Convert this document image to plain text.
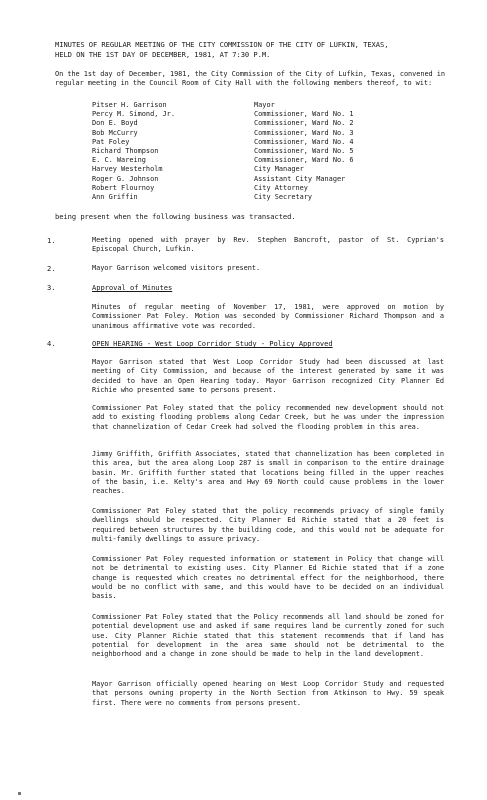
MINUTES OF REGULAR MEETING OF THE CITY COMMISSION OF THE CITY OF LUFKIN, TEXAS,

HELD ON THE 1ST DAY OF DECEMBER, 1981, AT 7:30 P.M.

On the 1st day of December, 1981, the City Commission of the City of Lufkin, Texas, convened in regular meeting in the Council Room of City Hall with the following members thereof, to wit:

Pitser H. Garrison	Mayor
Percy M. Simond, Jr.	Commissioner, Ward No. 1
Don E. Boyd	Commissioner, Ward No. 2
Bob McCurry	Commissioner, Ward No. 3
Pat Foley	Commissioner, Ward No. 4
Richard Thompson	Commissioner, Ward No. 5
E. C. Wareing	Commissioner, Ward No. 6
Harvey Westerholm	City Manager
Roger G. Johnson	Assistant City Manager
Robert Flournoy	City Attorney
Ann Griffin	City Secretary

being present when the following business was transacted.

1.	Meeting opened with prayer by Rev. Stephen Bancroft, pastor of St. Cyprian's Episcopal Church, Lufkin.

2.	Mayor Garrison welcomed visitors present.

3.	Approval of Minutes

Minutes of regular meeting of November 17, 1981, were approved on motion by Commissioner Pat Foley. Motion was seconded by Commissioner Richard Thompson and a unanimous affirmative vote was recorded.

4.	OPEN HEARING - West Loop Corridor Study - Policy Approved

Mayor Garrison stated that West Loop Corridor Study had been discussed at last meeting of City Commission, and because of the interest generated by same it was decided to have an Open Hearing today. Mayor Garrison recognized City Planner Ed Richie who presented same to persons present.

Commissioner Pat Foley stated that the policy recommended new development should not add to existing flooding problems along Cedar Creek, but he was under the impression that channelization of Cedar Creek had solved the flooding problem in this area.

Jimmy Griffith, Griffith Associates, stated that channelization has been completed in this area, but the area along Loop 287 is small in comparison to the entire drainage basin. Mr. Griffith further stated that locations being filled in the upper reaches of the basin, i.e. Kelty's area and Hwy 69 North could cause problems in the lower reaches.

Commissioner Pat Foley stated that the policy recommends privacy of single family dwellings should be respected. City Planner Ed Richie stated that a 20 feet is required between structures by the building code, and this would not be adequate for multi-family dwellings to assure privacy.

Commissioner Pat Foley requested information or statement in Policy that change will not be detrimental to existing uses. City Planner Ed Richie stated that if a zone change is requested which creates no detrimental effect for the neighborhood, there would be no conflict with same, and this would have to be decided on an individual basis.

Commissioner Pat Foley stated that the Policy recommends all land should be zoned for potential development use and asked if same requires land be currently zoned for such use. City Planner Richie stated that this statement recommends that if land has potential for development in the area same should not be detrimental to the neighborhood and a change in zone should be made to help in the land development.

Mayor Garrison officially opened hearing on West Loop Corridor Study and requested that persons owning property in the North Section from Atkinson to Hwy. 59 speak first. There were no comments from persons present.
